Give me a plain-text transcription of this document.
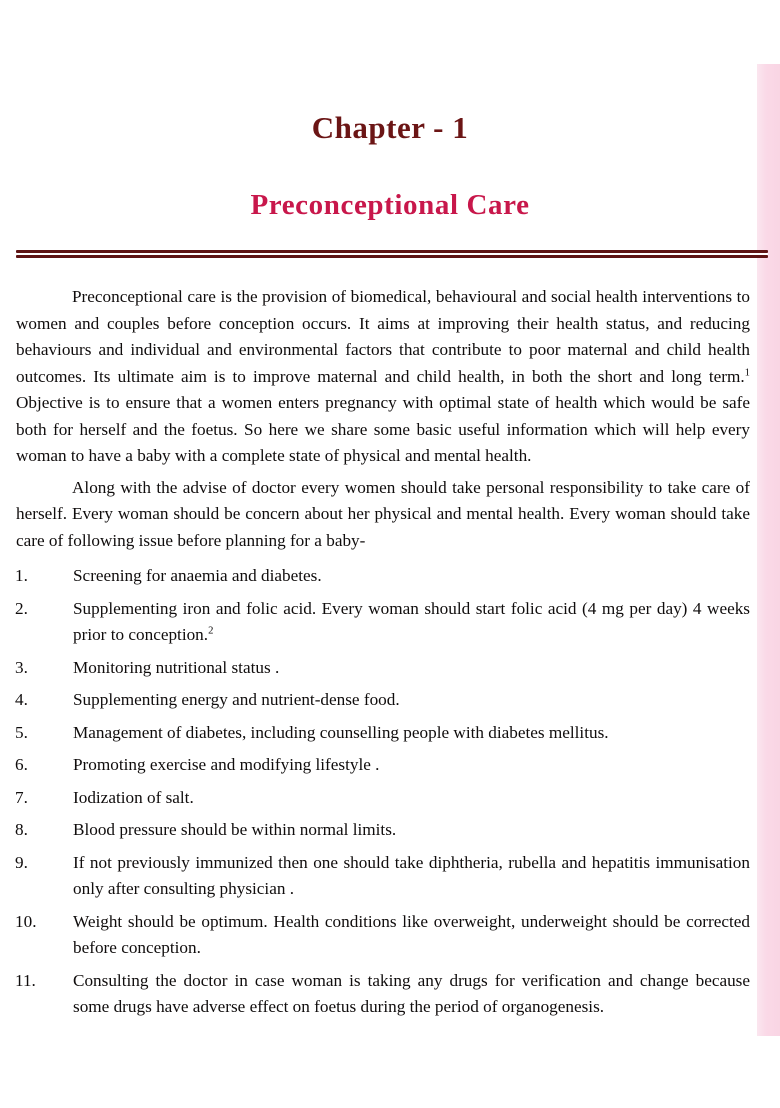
Chapter - 1
Preconceptional Care

Preconceptional care is the provision of biomedical, behavioural and social health interventions to women and couples before conception occurs. It aims at improving their health status, and reducing behaviours and individual and environmental factors that contribute to poor maternal and child health outcomes. Its ultimate aim is to improve maternal and child health, in both the short and long term.$^1$ Objective is to ensure that a women enters pregnancy with optimal state of health which would be safe both for herself and the foetus. So here we share some basic useful information which will help every woman to have a baby with a complete state of physical and mental health.

Along with the advise of doctor every women should take personal responsibility to take care of herself. Every woman should be concern about her physical and mental health. Every woman should take care of following issue before planning for a baby-

1.	Screening for anaemia and diabetes.
2.	Supplementing iron and folic acid. Every woman should start folic acid (4 mg per day) 4 weeks prior to conception.$^2$
3.	Monitoring nutritional status .
4.	Supplementing energy and nutrient-dense food.
5.	Management of diabetes, including counselling people with diabetes mellitus.
6.	Promoting exercise and modifying lifestyle .
7.	Iodization of salt.
8.	Blood pressure should be within normal limits.
9.	If not previously immunized then one should take diphtheria, rubella and hepatitis immunisation only after consulting physician .
10.	Weight should be optimum. Health conditions like overweight, underweight should be corrected before conception.
11.	Consulting the doctor in case woman is taking any drugs for verification and change because some drugs have adverse effect on foetus during the period of organogenesis.
